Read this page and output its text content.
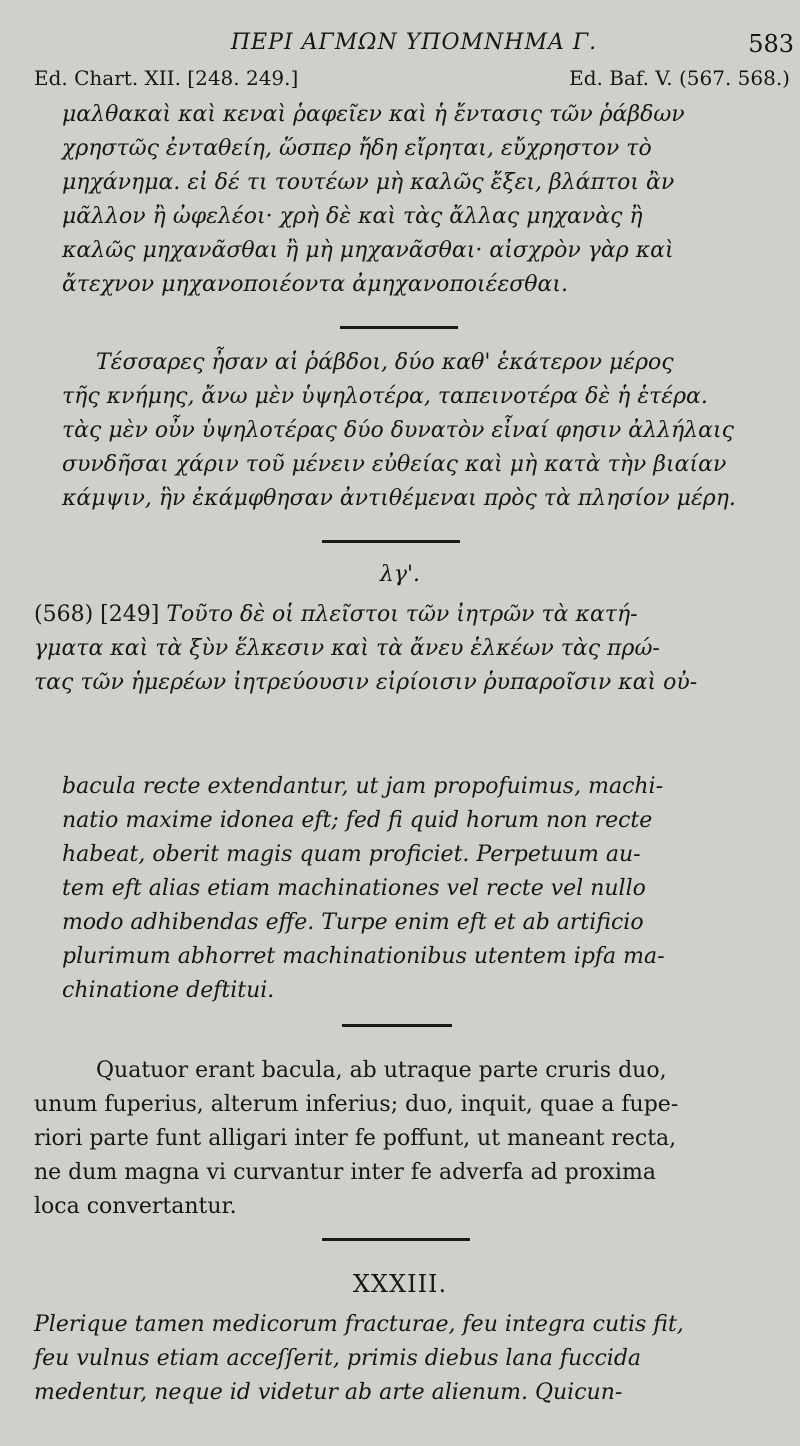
ΠΕΡΙ ΑΓΜΩΝ ΥΠΟΜΝΗΜΑ Γ.	583
Ed. Chart. XII. [248. 249.]	Ed. Baf. V. (567. 568.)

μαλθακαὶ καὶ κεναὶ ῥαφεῖεν καὶ ἡ ἔντασις τῶν ῥάβδων

χρηστῶς ἐνταθείη, ὥσπερ ἤδη εἴρηται, εὔχρηστον τὸ

μηχάνημα. εἰ δέ τι τουτέων μὴ καλῶς ἔξει, βλάπτοι ἂν

μᾶλλον ἢ ὠφελέοι· χρὴ δὲ καὶ τὰς ἄλλας μηχανὰς ἢ

καλῶς μηχανᾶσθαι ἢ μὴ μηχανᾶσθαι· αἰσχρὸν γὰρ καὶ

ἄτεχνον μηχανοποιέοντα ἀμηχανοποιέεσθαι.

Τέσσαρες ἦσαν αἱ ῥάβδοι, δύο καθ' ἑκάτερον μέρος

τῆς κνήμης, ἄνω μὲν ὑψηλοτέρα, ταπεινοτέρα δὲ ἡ ἑτέρα.

τὰς μὲν οὖν ὑψηλοτέρας δύο δυνατὸν εἶναί φησιν ἀλλήλαις

συνδῆσαι χάριν τοῦ μένειν εὐθείας καὶ μὴ κατὰ τὴν βιαίαν

κάμψιν, ἣν ἐκάμφθησαν ἀντιθέμεναι πρὸς τὰ πλησίον μέρη.

λγ'.

(568) [249] Τοῦτο δὲ οἱ πλεῖστοι τῶν ἰητρῶν τὰ κατή-

γματα καὶ τὰ ξὺν ἕλκεσιν καὶ τὰ ἄνευ ἑλκέων τὰς πρώ-

τας τῶν ἡμερέων ἰητρεύουσιν εἰρίοισιν ῥυπαροῖσιν καὶ οὐ-

bacula recte extendantur, ut jam propofuimus, machi-

natio maxime idonea eft; fed fi quid horum non recte

habeat, oberit magis quam proficiet. Perpetuum au-

tem eft alias etiam machinationes vel recte vel nullo

modo adhibendas effe. Turpe enim eft et ab artificio

plurimum abhorret machinationibus utentem ipfa ma-

chinatione deftitui.

Quatuor erant bacula, ab utraque parte cruris duo,

unum fuperius, alterum inferius; duo, inquit, quae a fupe-

riori parte funt alligari inter fe poffunt, ut maneant recta,

ne dum magna vi curvantur inter fe adverfa ad proxima

loca convertantur.

XXXIII.

Plerique tamen medicorum fracturae, feu integra cutis fit,

feu vulnus etiam acceſſerit, primis diebus lana fuccida

medentur, neque id videtur ab arte alienum. Quicun-
